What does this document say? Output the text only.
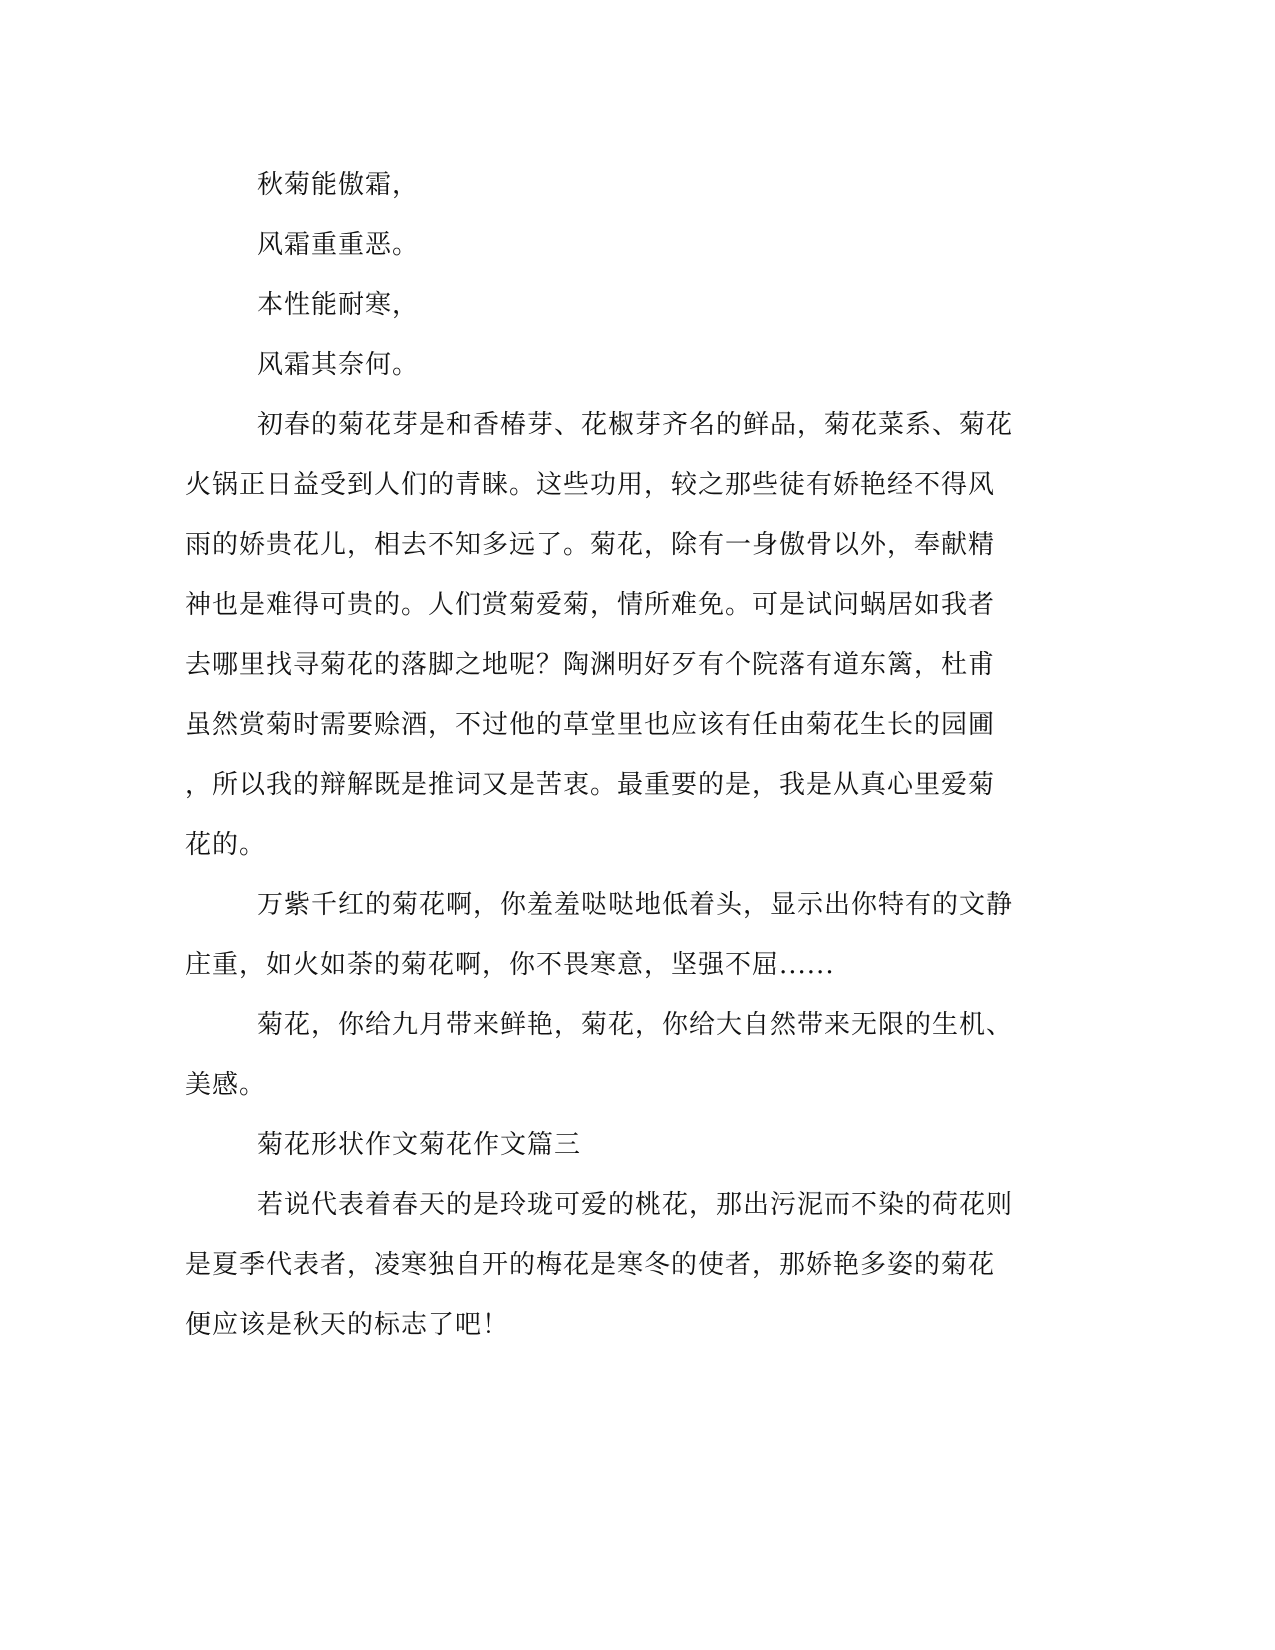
秋菊能傲霜，
风霜重重恶。
本性能耐寒，
风霜其奈何。

初春的菊花芽是和香椿芽、花椒芽齐名的鲜品，菊花菜系、菊花
火锅正日益受到人们的青睐。这些功用，较之那些徒有娇艳经不得风
雨的娇贵花儿，相去不知多远了。菊花，除有一身傲骨以外，奉献精
神也是难得可贵的。人们赏菊爱菊，情所难免。可是试问蜗居如我者
去哪里找寻菊花的落脚之地呢？陶渊明好歹有个院落有道东篱，杜甫
虽然赏菊时需要赊酒，不过他的草堂里也应该有任由菊花生长的园圃
，所以我的辩解既是推词又是苦衷。最重要的是，我是从真心里爱菊
花的。

万紫千红的菊花啊，你羞羞哒哒地低着头，显示出你特有的文静
庄重，如火如荼的菊花啊，你不畏寒意，坚强不屈......

菊花，你给九月带来鲜艳，菊花，你给大自然带来无限的生机、
美感。

菊花形状作文菊花作文篇三

若说代表着春天的是玲珑可爱的桃花，那出污泥而不染的荷花则
是夏季代表者，凌寒独自开的梅花是寒冬的使者，那娇艳多姿的菊花
便应该是秋天的标志了吧！
